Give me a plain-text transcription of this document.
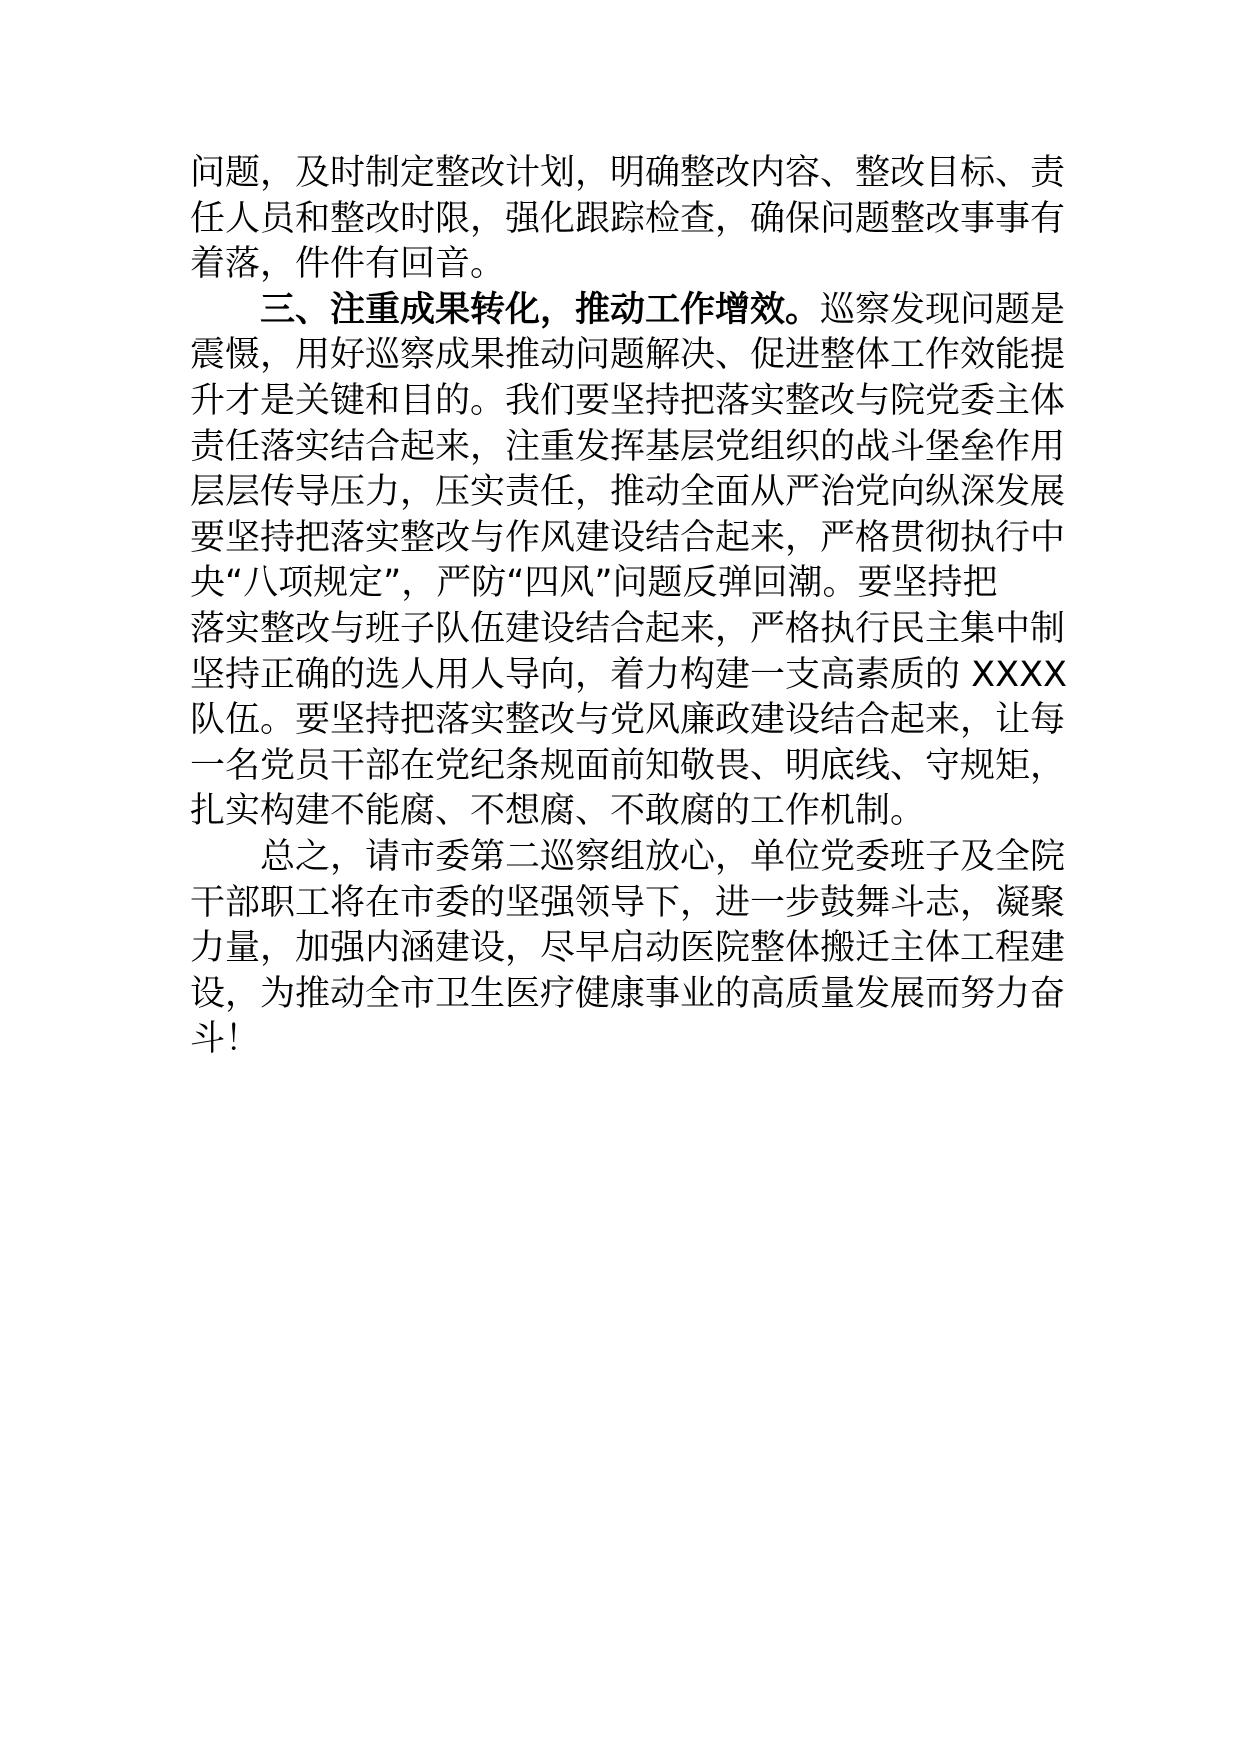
问题，及时制定整改计划，明确整改内容、整改目标、责
任人员和整改时限，强化跟踪检查，确保问题整改事事有
着落，件件有回音。
三、注重成果转化，推动工作增效。巡察发现问题是
震慑，用好巡察成果推动问题解决、促进整体工作效能提
升才是关键和目的。我们要坚持把落实整改与院党委主体
责任落实结合起来，注重发挥基层党组织的战斗堡垒作用
层层传导压力，压实责任，推动全面从严治党向纵深发展
要坚持把落实整改与作风建设结合起来，严格贯彻执行中
央“八项规定”，严防“四风”问题反弹回潮。要坚持把
落实整改与班子队伍建设结合起来，严格执行民主集中制
坚持正确的选人用人导向，着力构建一支高素质的 XXXX
队伍。要坚持把落实整改与党风廉政建设结合起来，让每
一名党员干部在党纪条规面前知敬畏、明底线、守规矩，
扎实构建不能腐、不想腐、不敢腐的工作机制。
总之，请市委第二巡察组放心，单位党委班子及全院
干部职工将在市委的坚强领导下，进一步鼓舞斗志，凝聚
力量，加强内涵建设，尽早启动医院整体搬迁主体工程建
设，为推动全市卫生医疗健康事业的高质量发展而努力奋
斗！
